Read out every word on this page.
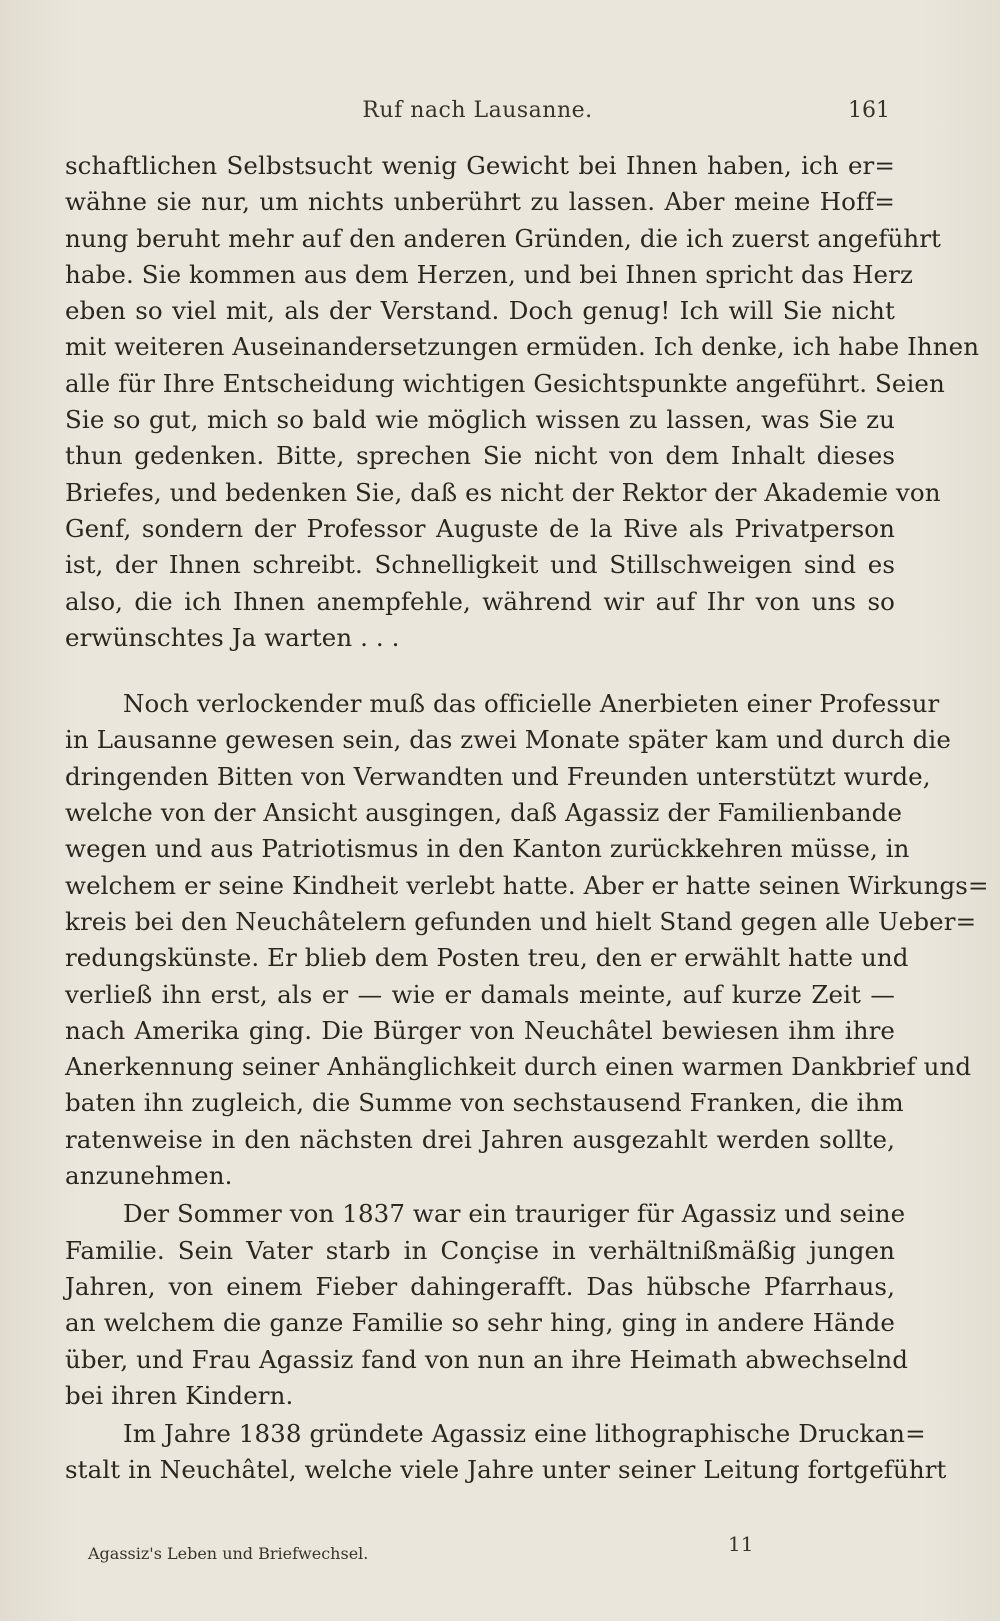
Ruf nach Lausanne.	161
schaftlichen Selbstsucht wenig Gewicht bei Ihnen haben, ich er=
wähne sie nur, um nichts unberührt zu lassen. Aber meine Hoff=
nung beruht mehr auf den anderen Gründen, die ich zuerst angeführt
habe. Sie kommen aus dem Herzen, und bei Ihnen spricht das Herz
eben so viel mit, als der Verstand. Doch genug! Ich will Sie nicht
mit weiteren Auseinandersetzungen ermüden. Ich denke, ich habe Ihnen
alle für Ihre Entscheidung wichtigen Gesichtspunkte angeführt. Seien
Sie so gut, mich so bald wie möglich wissen zu lassen, was Sie zu
thun gedenken. Bitte, sprechen Sie nicht von dem Inhalt dieses
Briefes, und bedenken Sie, daß es nicht der Rektor der Akademie von
Genf, sondern der Professor Auguste de la Rive als Privatperson
ist, der Ihnen schreibt. Schnelligkeit und Stillschweigen sind es
also, die ich Ihnen anempfehle, während wir auf Ihr von uns so
erwünschtes Ja warten . . .
Noch verlockender muß das officielle Anerbieten einer Professur
in Lausanne gewesen sein, das zwei Monate später kam und durch die
dringenden Bitten von Verwandten und Freunden unterstützt wurde,
welche von der Ansicht ausgingen, daß Agassiz der Familienbande
wegen und aus Patriotismus in den Kanton zurückkehren müsse, in
welchem er seine Kindheit verlebt hatte. Aber er hatte seinen Wirkungs=
kreis bei den Neuchâtelern gefunden und hielt Stand gegen alle Ueber=
redungskünste. Er blieb dem Posten treu, den er erwählt hatte und
verließ ihn erst, als er — wie er damals meinte, auf kurze Zeit —
nach Amerika ging. Die Bürger von Neuchâtel bewiesen ihm ihre
Anerkennung seiner Anhänglichkeit durch einen warmen Dankbrief und
baten ihn zugleich, die Summe von sechstausend Franken, die ihm
ratenweise in den nächsten drei Jahren ausgezahlt werden sollte,
anzunehmen.
Der Sommer von 1837 war ein trauriger für Agassiz und seine
Familie. Sein Vater starb in Conçise in verhältnißmäßig jungen
Jahren, von einem Fieber dahingerafft. Das hübsche Pfarrhaus,
an welchem die ganze Familie so sehr hing, ging in andere Hände
über, und Frau Agassiz fand von nun an ihre Heimath abwechselnd
bei ihren Kindern.
Im Jahre 1838 gründete Agassiz eine lithographische Druckan=
stalt in Neuchâtel, welche viele Jahre unter seiner Leitung fortgeführt
Agassiz's Leben und Briefwechsel.	11
